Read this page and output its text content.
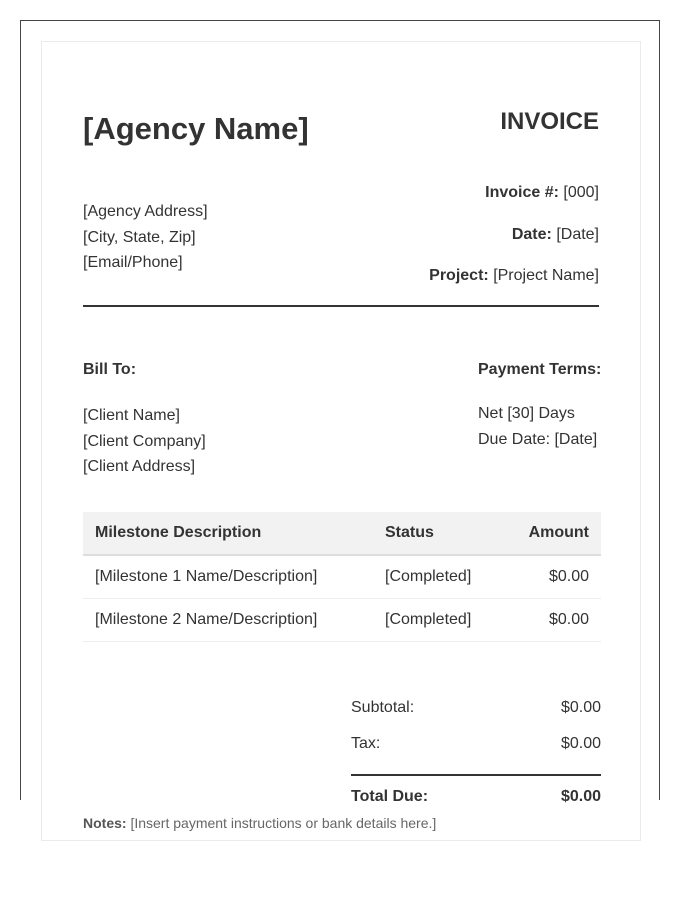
[Agency Name]
[Agency Address]
[City, State, Zip]
[Email/Phone]
INVOICE
Invoice #: [000]
Date: [Date]
Project: [Project Name]
Bill To:
[Client Name]
[Client Company]
[Client Address]
Payment Terms:
Net [30] Days
Due Date: [Date]
Milestone Description	Status	Amount
[Milestone 1 Name/Description]	[Completed]	$0.00
[Milestone 2 Name/Description]	[Completed]	$0.00
Subtotal:	$0.00
Tax:	$0.00
Total Due:	$0.00
Notes: [Insert payment instructions or bank details here.]
